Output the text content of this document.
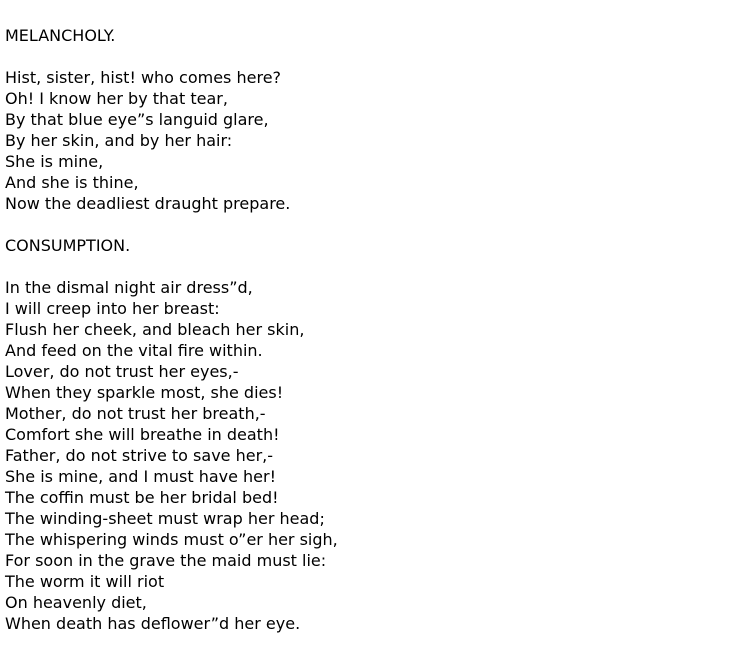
MELANCHOLY.
Hist, sister, hist! who comes here?
Oh! I know her by that tear,
By that blue eye”s languid glare,
By her skin, and by her hair:
She is mine,
And she is thine,
Now the deadliest draught prepare.
CONSUMPTION.
In the dismal night air dress”d,
I will creep into her breast:
Flush her cheek, and bleach her skin,
And feed on the vital fire within.
Lover, do not trust her eyes,-
When they sparkle most, she dies!
Mother, do not trust her breath,-
Comfort she will breathe in death!
Father, do not strive to save her,-
She is mine, and I must have her!
The coffin must be her bridal bed!
The winding-sheet must wrap her head;
The whispering winds must o”er her sigh,
For soon in the grave the maid must lie:
The worm it will riot
On heavenly diet,
When death has deflower”d her eye.
